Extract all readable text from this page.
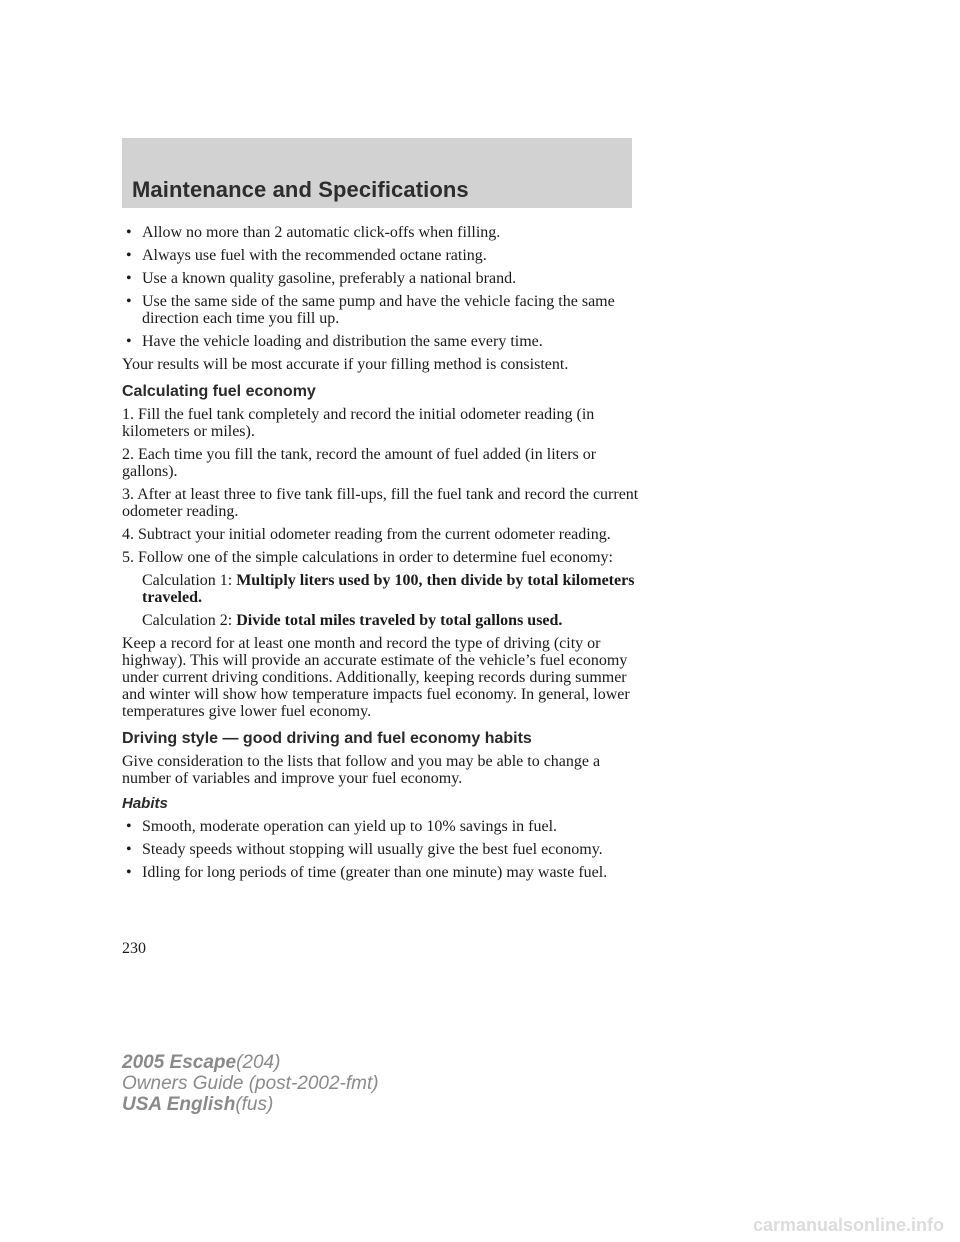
Maintenance and Specifications
• Allow no more than 2 automatic click-offs when filling.
• Always use fuel with the recommended octane rating.
• Use a known quality gasoline, preferably a national brand.
• Use the same side of the same pump and have the vehicle facing the same direction each time you fill up.
• Have the vehicle loading and distribution the same every time.

Your results will be most accurate if your filling method is consistent.

Calculating fuel economy

1. Fill the fuel tank completely and record the initial odometer reading (in kilometers or miles).

2. Each time you fill the tank, record the amount of fuel added (in liters or gallons).

3. After at least three to five tank fill-ups, fill the fuel tank and record the current odometer reading.

4. Subtract your initial odometer reading from the current odometer reading.

5. Follow one of the simple calculations in order to determine fuel economy:

Calculation 1: Multiply liters used by 100, then divide by total kilometers traveled.
Calculation 2: Divide total miles traveled by total gallons used.

Keep a record for at least one month and record the type of driving (city or highway). This will provide an accurate estimate of the vehicle’s fuel economy under current driving conditions. Additionally, keeping records during summer and winter will show how temperature impacts fuel economy. In general, lower temperatures give lower fuel economy.

Driving style — good driving and fuel economy habits

Give consideration to the lists that follow and you may be able to change a number of variables and improve your fuel economy.

Habits
• Smooth, moderate operation can yield up to 10% savings in fuel.
• Steady speeds without stopping will usually give the best fuel economy.
• Idling for long periods of time (greater than one minute) may waste fuel.
230
2005 Escape(204)
Owners Guide (post-2002-fmt)
USA English(fus)
carmanualsonline.info
